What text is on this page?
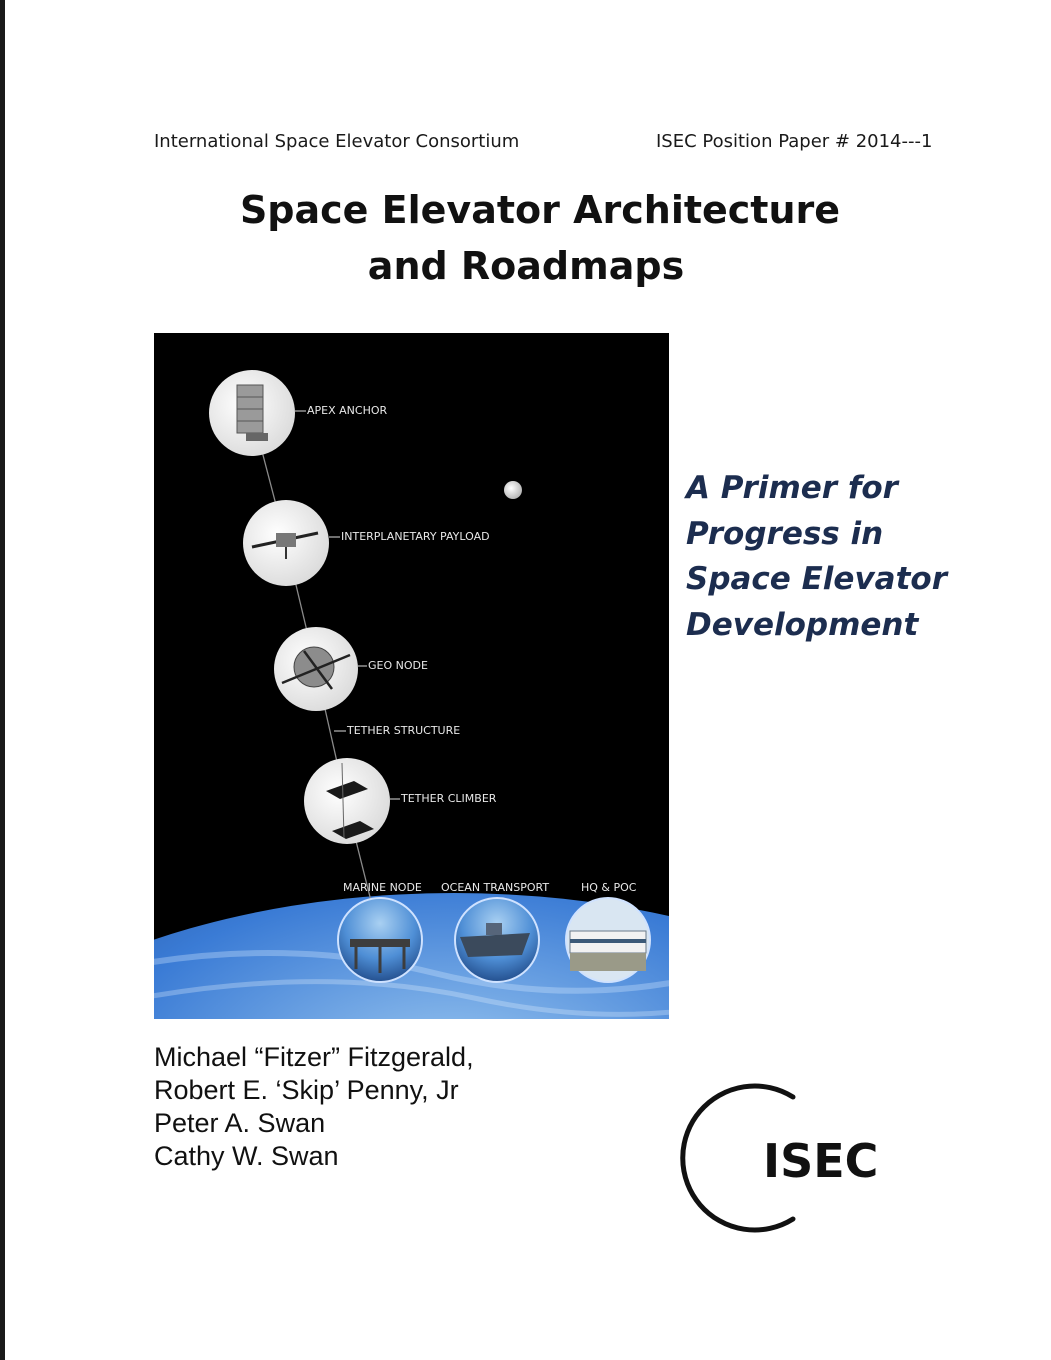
International Space Elevator Consortium	ISEC Position Paper # 2014---1
Space Elevator Architecture

and Roadmaps
APEX ANCHOR
INTERPLANETARY PAYLOAD
GEO NODE
TETHER STRUCTURE
TETHER CLIMBER
MARINE NODE OCEAN TRANSPORT	HQ & POC
A Primer for
Progress in
Space Elevator
Development
Michael “Fitzer” Fitzgerald,
Robert E. ‘Skip’ Penny, Jr
Peter A. Swan
Cathy W. Swan	ISEC
